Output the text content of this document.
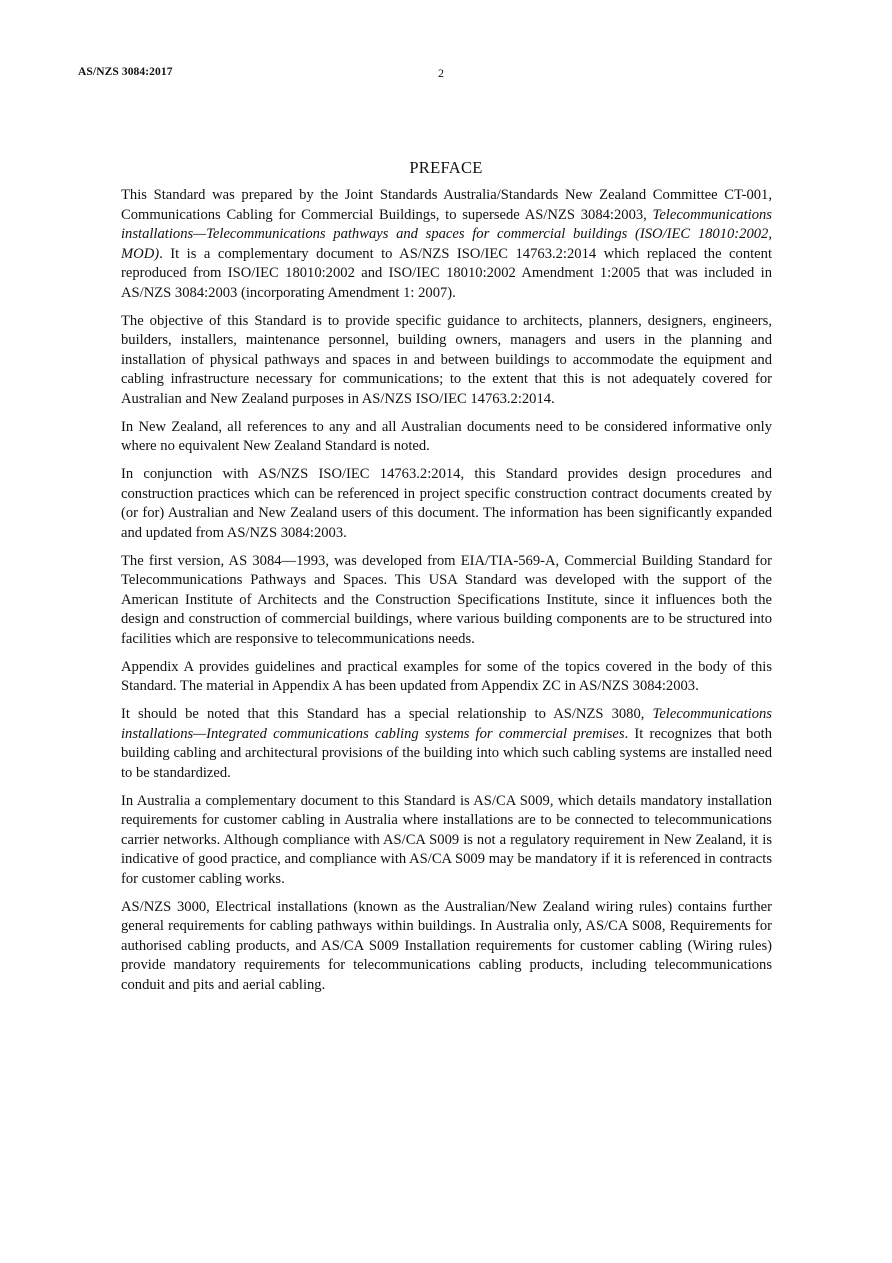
AS/NZS 3084:2017	2
PREFACE

This Standard was prepared by the Joint Standards Australia/Standards New Zealand Committee CT-001, Communications Cabling for Commercial Buildings, to supersede AS/NZS 3084:2003, Telecommunications installations—Telecommunications pathways and spaces for commercial buildings (ISO/IEC 18010:2002, MOD). It is a complementary document to AS/NZS ISO/IEC 14763.2:2014 which replaced the content reproduced from ISO/IEC 18010:2002 and ISO/IEC 18010:2002 Amendment 1:2005 that was included in AS/NZS 3084:2003 (incorporating Amendment 1: 2007).

The objective of this Standard is to provide specific guidance to architects, planners, designers, engineers, builders, installers, maintenance personnel, building owners, managers and users in the planning and installation of physical pathways and spaces in and between buildings to accommodate the equipment and cabling infrastructure necessary for communications; to the extent that this is not adequately covered for Australian and New Zealand purposes in AS/NZS ISO/IEC 14763.2:2014.

In New Zealand, all references to any and all Australian documents need to be considered informative only where no equivalent New Zealand Standard is noted.

In conjunction with AS/NZS ISO/IEC 14763.2:2014, this Standard provides design procedures and construction practices which can be referenced in project specific construction contract documents created by (or for) Australian and New Zealand users of this document. The information has been significantly expanded and updated from AS/NZS 3084:2003.

The first version, AS 3084—1993, was developed from EIA/TIA-569-A, Commercial Building Standard for Telecommunications Pathways and Spaces. This USA Standard was developed with the support of the American Institute of Architects and the Construction Specifications Institute, since it influences both the design and construction of commercial buildings, where various building components are to be structured into facilities which are responsive to telecommunications needs.

Appendix A provides guidelines and practical examples for some of the topics covered in the body of this Standard. The material in Appendix A has been updated from Appendix ZC in AS/NZS 3084:2003.

It should be noted that this Standard has a special relationship to AS/NZS 3080, Telecommunications installations—Integrated communications cabling systems for commercial premises. It recognizes that both building cabling and architectural provisions of the building into which such cabling systems are installed need to be standardized.

In Australia a complementary document to this Standard is AS/CA S009, which details mandatory installation requirements for customer cabling in Australia where installations are to be connected to telecommunications carrier networks. Although compliance with AS/CA S009 is not a regulatory requirement in New Zealand, it is indicative of good practice, and compliance with AS/CA S009 may be mandatory if it is referenced in contracts for customer cabling works.

AS/NZS 3000, Electrical installations (known as the Australian/New Zealand wiring rules) contains further general requirements for cabling pathways within buildings. In Australia only, AS/CA S008, Requirements for authorised cabling products, and AS/CA S009 Installation requirements for customer cabling (Wiring rules) provide mandatory requirements for telecommunications cabling products, including telecommunications conduit and pits and aerial cabling.
